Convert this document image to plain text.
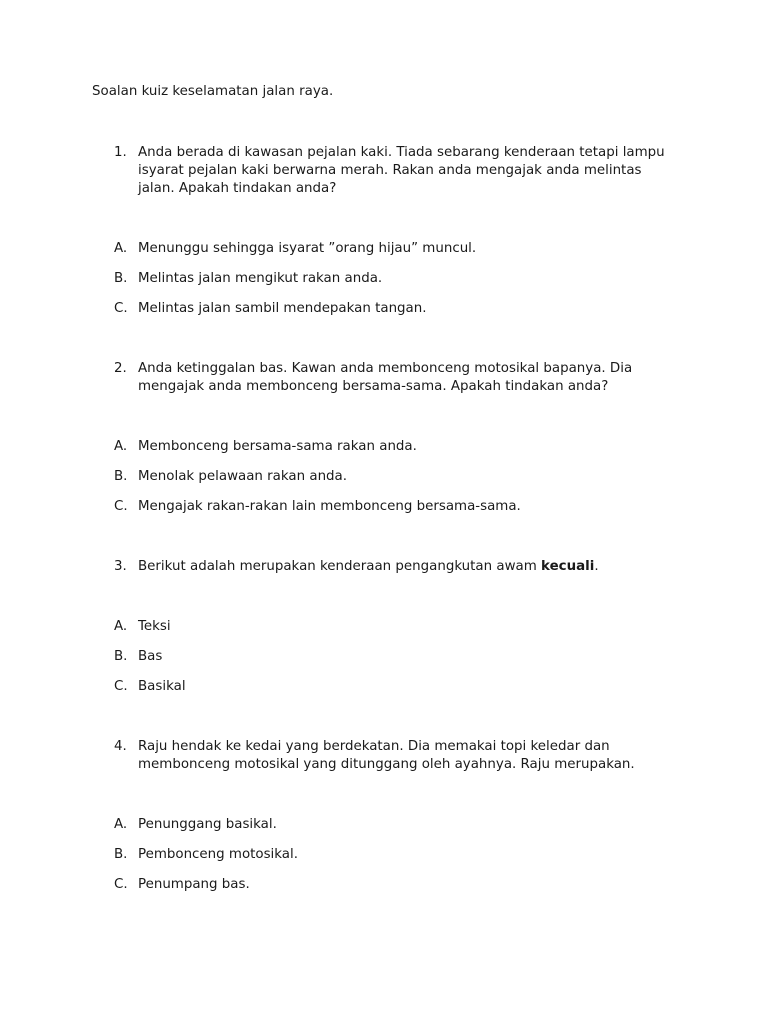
Soalan kuiz keselamatan jalan raya.
1. Anda berada di kawasan pejalan kaki. Tiada sebarang kenderaan tetapi lampu isyarat pejalan kaki berwarna merah. Rakan anda mengajak anda melintas jalan. Apakah tindakan anda?
A. Menunggu sehingga isyarat ”orang hijau” muncul.
B. Melintas jalan mengikut rakan anda.
C. Melintas jalan sambil mendepakan tangan.
2. Anda ketinggalan bas. Kawan anda membonceng motosikal bapanya. Dia mengajak anda membonceng bersama-sama. Apakah tindakan anda?
A. Membonceng bersama-sama rakan anda.
B. Menolak pelawaan rakan anda.
C. Mengajak rakan-rakan lain membonceng bersama-sama.
3. Berikut adalah merupakan kenderaan pengangkutan awam kecuali.
A. Teksi
B. Bas
C. Basikal
4. Raju hendak ke kedai yang berdekatan. Dia memakai topi keledar dan membonceng motosikal yang ditunggang oleh ayahnya. Raju merupakan.
A. Penunggang basikal.
B. Pembonceng motosikal.
C. Penumpang bas.
